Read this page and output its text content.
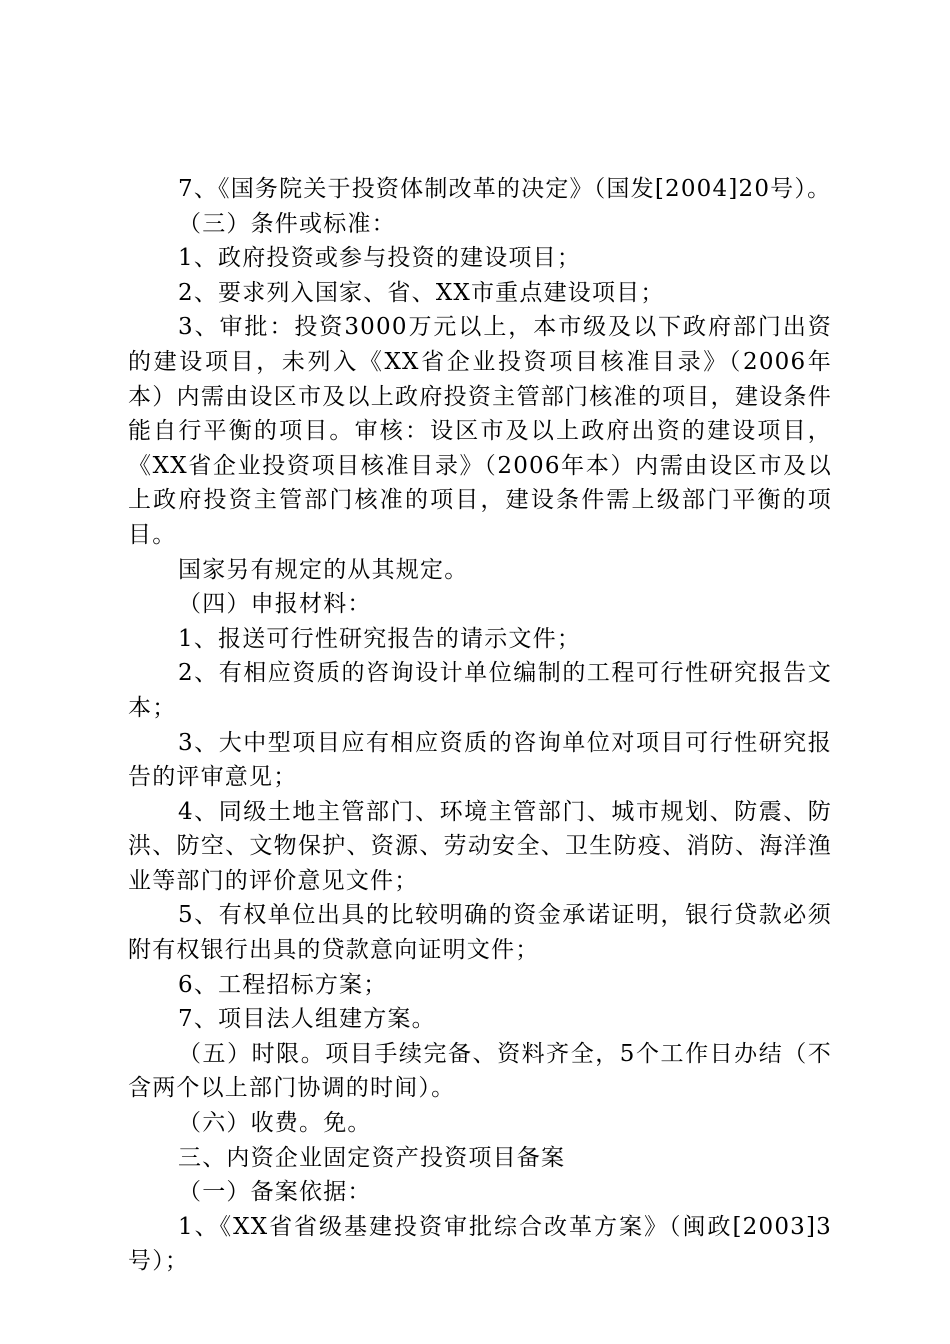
7、《国务院关于投资体制改革的决定》（国发[2004]20号）。

（三）条件或标准：

1、政府投资或参与投资的建设项目；

2、要求列入国家、省、XX市重点建设项目；

3、审批：投资3000万元以上，本市级及以下政府部门出资的建设项目，未列入《XX省企业投资项目核准目录》（2006年本）内需由设区市及以上政府投资主管部门核准的项目，建设条件能自行平衡的项目。审核：设区市及以上政府出资的建设项目，《XX省企业投资项目核准目录》（2006年本）内需由设区市及以上政府投资主管部门核准的项目，建设条件需上级部门平衡的项目。

国家另有规定的从其规定。

（四）申报材料：

1、报送可行性研究报告的请示文件；

2、有相应资质的咨询设计单位编制的工程可行性研究报告文本；

3、大中型项目应有相应资质的咨询单位对项目可行性研究报告的评审意见；

4、同级土地主管部门、环境主管部门、城市规划、防震、防洪、防空、文物保护、资源、劳动安全、卫生防疫、消防、海洋渔业等部门的评价意见文件；

5、有权单位出具的比较明确的资金承诺证明，银行贷款必须附有权银行出具的贷款意向证明文件；

6、工程招标方案；

7、项目法人组建方案。

（五）时限。项目手续完备、资料齐全，5个工作日办结（不含两个以上部门协调的时间）。

（六）收费。免。

三、内资企业固定资产投资项目备案

（一）备案依据：

1、《XX省省级基建投资审批综合改革方案》（闽政[2003]3号）；
